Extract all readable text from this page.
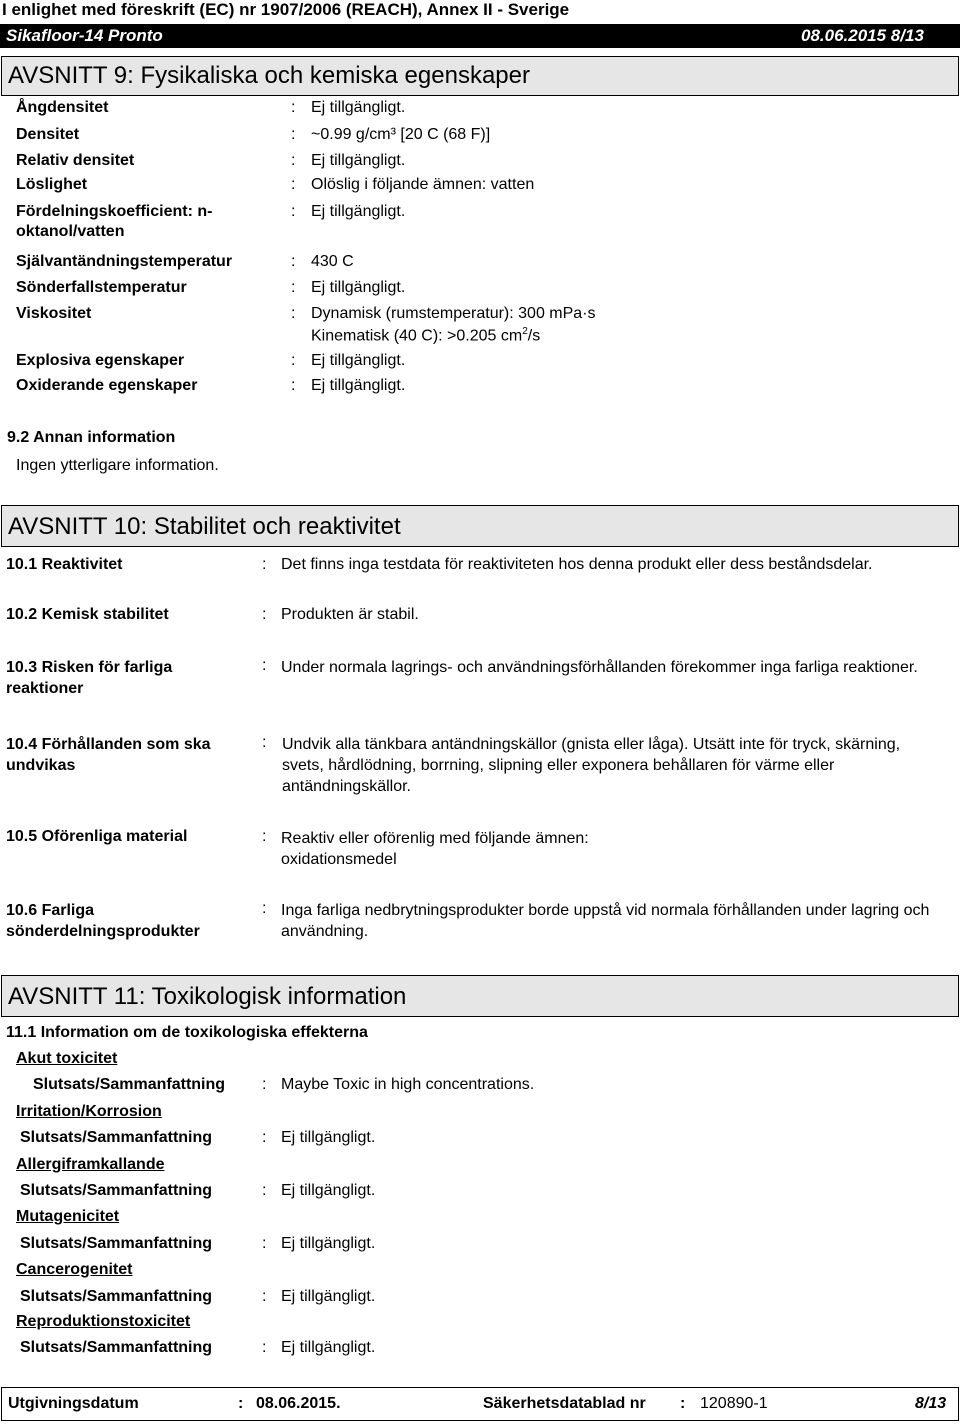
I enlighet med föreskrift (EC) nr 1907/2006 (REACH), Annex II - Sverige
Sikafloor-14 Pronto	08.06.2015 8/13
AVSNITT 9: Fysikaliska och kemiska egenskaper
Ångdensitet	: Ej tillgängligt.
Densitet	: ~0.99 g/cm³ [20 C (68 F)]
Relativ densitet	: Ej tillgängligt.
Löslighet	: Olöslig i följande ämnen: vatten
Fördelningskoefficient: n-
oktanol/vatten
: Ej tillgängligt.
Självantändningstemperatur	: 430 C
Sönderfallstemperatur	: Ej tillgängligt.
Viskositet	: Dynamisk (rumstemperatur): 300 mPa·s
Kinematisk (40 C): >0.205 $cm^2/s$
Explosiva egenskaper	: Ej tillgängligt.
Oxiderande egenskaper	: Ej tillgängligt.
9.2 Annan information
Ingen ytterligare information.
AVSNITT 10: Stabilitet och reaktivitet
10.1 Reaktivitet	: Det finns inga testdata för reaktiviteten hos denna produkt eller dess beståndsdelar.
10.2 Kemisk stabilitet	: Produkten är stabil.
10.3 Risken för farliga reaktioner
: Under normala lagrings- och användningsförhållanden förekommer inga farliga reaktioner.
10.4 Förhållanden som ska undvikas
: Undvik alla tänkbara antändningskällor (gnista eller låga). Utsätt inte för tryck, skärning, svets, hårdlödning, borrning, slipning eller exponera behållaren för värme eller antändningskällor.
10.5 Oförenliga material	: Reaktiv eller oförenlig med följande ämnen: oxidationsmedel
10.6 Farliga sönderdelningsprodukter
: Inga farliga nedbrytningsprodukter borde uppstå vid normala förhållanden under lagring och användning.
AVSNITT 11: Toxikologisk information
11.1 Information om de toxikologiska effekterna
Akut toxicitet
Slutsats/Sammanfattning : Maybe Toxic in high concentrations.
Irritation/Korrosion
Slutsats/Sammanfattning	: Ej tillgängligt.
Allergiframkallande
Slutsats/Sammanfattning	: Ej tillgängligt.
Mutagenicitet
Slutsats/Sammanfattning	: Ej tillgängligt.
Cancerogenitet
Slutsats/Sammanfattning	: Ej tillgängligt.
Reproduktionstoxicitet
Slutsats/Sammanfattning	: Ej tillgängligt.
Utgivningsdatum	: 08.06.2015.	Säkerhetsdatablad nr : 120890-1	8/13
